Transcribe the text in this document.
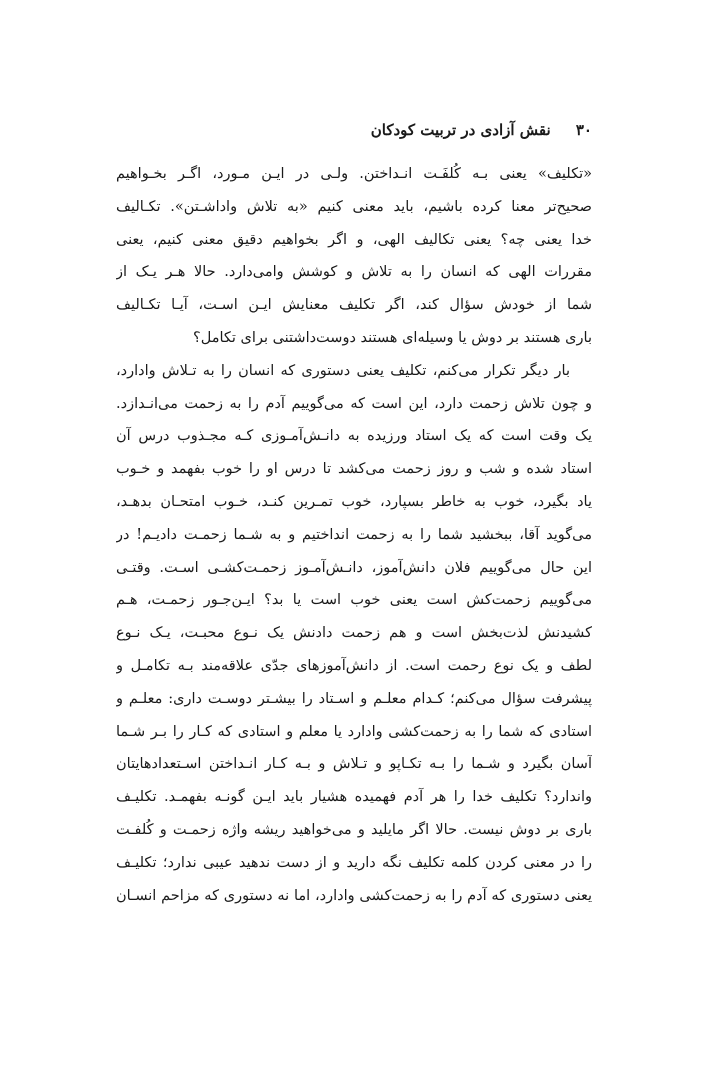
۳۰ نقش آزادی در تربیت کودکان
«تکلیف» یعنی بـه کُلفَـت انـداختن. ولـی در ایـن مـورد، اگـر بخـواهیم
صحیح‌تر معنا کرده باشیم، باید معنی کنیم «به تلاش واداشـتن». تکـالیف
خدا یعنی چه؟ یعنی تکالیف الهی، و اگر بخواهیم دقیق معنی کنیم، یعنی
مقررات الهی که انسان را به تلاش و کوشش وامی‌دارد. حالا هـر یـک از
شما از خودش سؤال کند، اگر تکلیف معنایش ایـن اسـت، آیـا تکـالیف
باری هستند بر دوش یا وسیله‌ای هستند دوست‌داشتنی برای تکامل؟
بار دیگر تکرار می‌کنم، تکلیف یعنی دستوری که انسان را به تـلاش وادارد،
و چون تلاش زحمت دارد، این است که می‌گوییم آدم را به زحمت می‌انـدازد.
یک وقت است که یک استاد ورزیده به دانـش‌آمـوزی کـه مجـذوب درس آن
استاد شده و شب و روز زحمت می‌کشد تا درس او را خوب بفهمد و خـوب
یاد بگیرد، خوب به خاطر بسپارد، خوب تمـرین کنـد، خـوب امتحـان بدهـد،
می‌گوید آقا، ببخشید شما را به زحمت انداختیم و به شـما زحمـت دادیـم! در
این حال می‌گوییم فلان دانش‌آموز، دانـش‌آمـوز زحمـت‌کشـی اسـت. وقتـی
می‌گوییم زحمت‌کش است یعنی خوب است یا بد؟ ایـن‌جـور زحمـت، هـم
کشیدنش لذت‌بخش است و هم زحمت دادنش یک نـوع محبـت، یـک نـوع
لطف و یک نوع رحمت است. از دانش‌آموزهای جدّی علاقه‌مند بـه تکامـل و
پیشرفت سؤال می‌کنم؛ کـدام معلـم و اسـتاد را بیشـتر دوسـت داری: معلـم و
استادی که شما را به زحمت‌کشی وادارد یا معلم و استادی که کـار را بـر شـما
آسان بگیرد و شـما را بـه تکـاپو و تـلاش و بـه کـار انـداختن اسـتعدادهایتان
واندارد؟ تکلیف خدا را هر آدم فهمیده هشیار باید ایـن گونـه بفهمـد. تکلیـف
باری بر دوش نیست. حالا اگر مایلید و می‌خواهید ریشه واژه زحمـت و کُلفـت
را در معنی کردن کلمه تکلیف نگه دارید و از دست ندهید عیبی ندارد؛ تکلیـف
یعنی دستوری که آدم را به زحمت‌کشی وادارد، اما نه دستوری که مزاحم انسـان
